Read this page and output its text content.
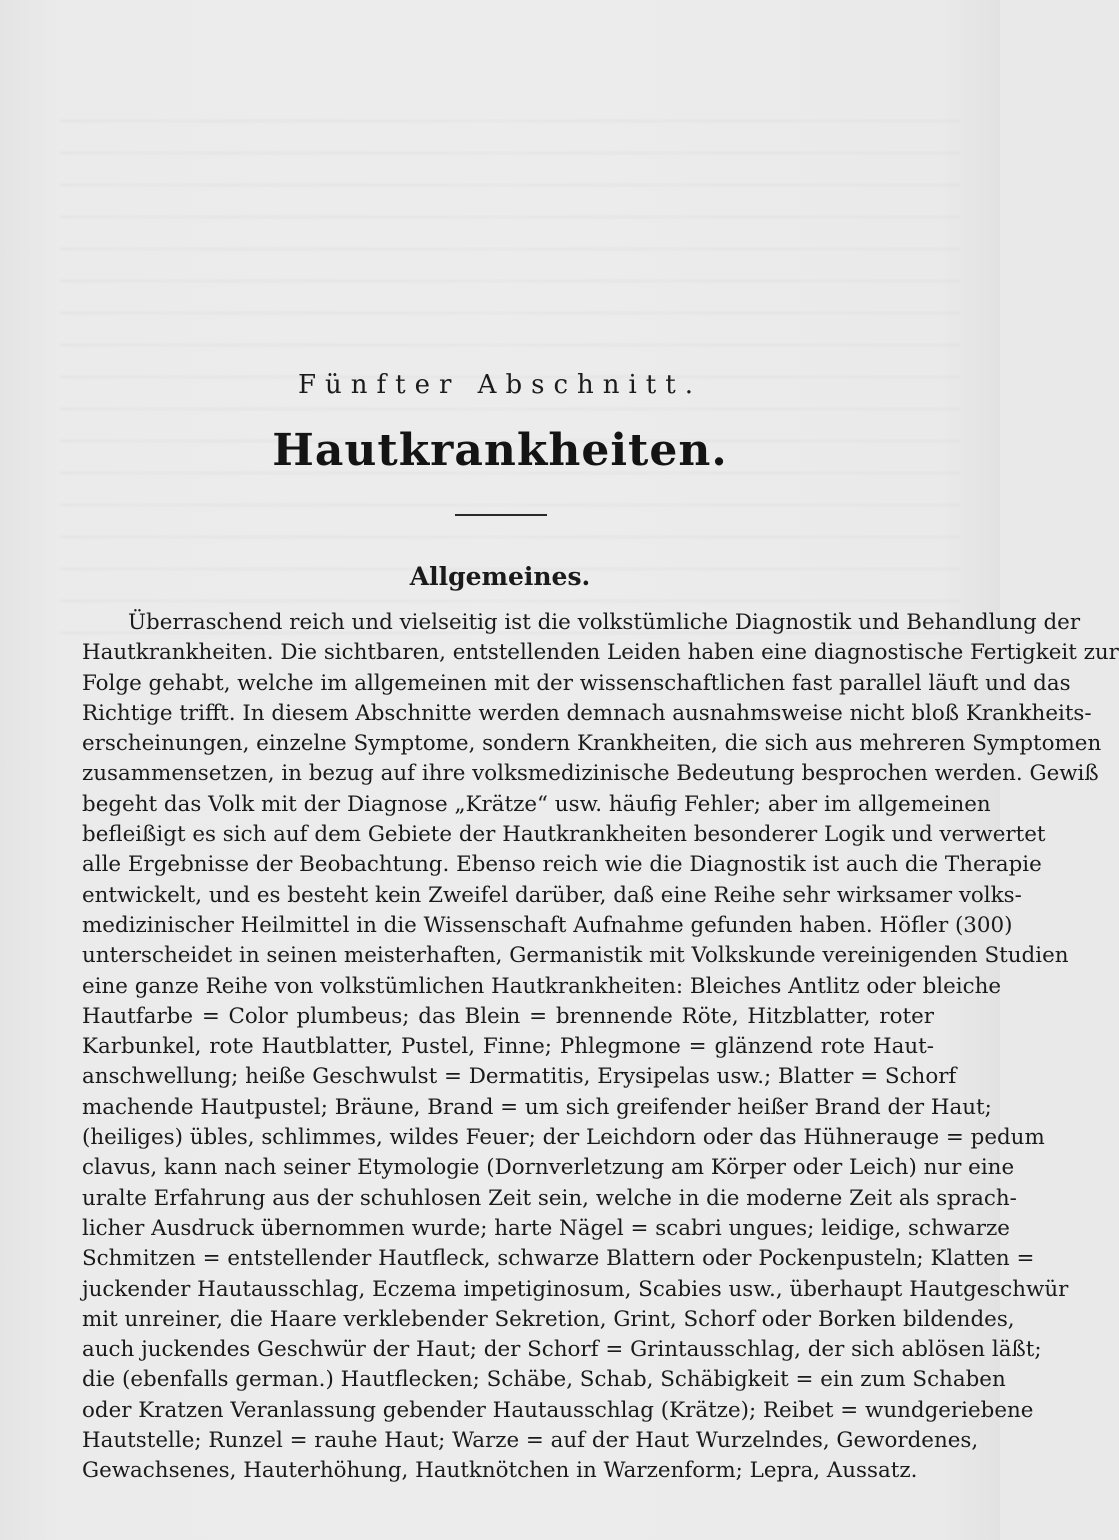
Fünfter Abschnitt.
Hautkrankheiten.
Allgemeines.
Überraschend reich und vielseitig ist die volkstümliche Diagnostik und Behandlung der
Hautkrankheiten. Die sichtbaren, entstellenden Leiden haben eine diagnostische Fertigkeit zur
Folge gehabt, welche im allgemeinen mit der wissenschaftlichen fast parallel läuft und das
Richtige trifft. In diesem Abschnitte werden demnach ausnahmsweise nicht bloß Krankheits-
erscheinungen, einzelne Symptome, sondern Krankheiten, die sich aus mehreren Symptomen
zusammensetzen, in bezug auf ihre volksmedizinische Bedeutung besprochen werden. Gewiß
begeht das Volk mit der Diagnose „Krätze“ usw. häufig Fehler; aber im allgemeinen
befleißigt es sich auf dem Gebiete der Hautkrankheiten besonderer Logik und verwertet
alle Ergebnisse der Beobachtung. Ebenso reich wie die Diagnostik ist auch die Therapie
entwickelt, und es besteht kein Zweifel darüber, daß eine Reihe sehr wirksamer volks-
medizinischer Heilmittel in die Wissenschaft Aufnahme gefunden haben. Höfler (300)
unterscheidet in seinen meisterhaften, Germanistik mit Volkskunde vereinigenden Studien
eine ganze Reihe von volkstümlichen Hautkrankheiten: Bleiches Antlitz oder bleiche
Hautfarbe = Color plumbeus; das Blein = brennende Röte, Hitzblatter, roter
Karbunkel, rote Hautblatter, Pustel, Finne; Phlegmone = glänzend rote Haut-
anschwellung; heiße Geschwulst = Dermatitis, Erysipelas usw.; Blatter = Schorf
machende Hautpustel; Bräune, Brand = um sich greifender heißer Brand der Haut;
(heiliges) übles, schlimmes, wildes Feuer; der Leichdorn oder das Hühnerauge = pedum
clavus, kann nach seiner Etymologie (Dornverletzung am Körper oder Leich) nur eine
uralte Erfahrung aus der schuhlosen Zeit sein, welche in die moderne Zeit als sprach-
licher Ausdruck übernommen wurde; harte Nägel = scabri ungues; leidige, schwarze
Schmitzen = entstellender Hautfleck, schwarze Blattern oder Pockenpusteln; Klatten =
juckender Hautausschlag, Eczema impetiginosum, Scabies usw., überhaupt Hautgeschwür
mit unreiner, die Haare verklebender Sekretion, Grint, Schorf oder Borken bildendes,
auch juckendes Geschwür der Haut; der Schorf = Grintausschlag, der sich ablösen läßt;
die (ebenfalls german.) Hautflecken; Schäbe, Schab, Schäbigkeit = ein zum Schaben
oder Kratzen Veranlassung gebender Hautausschlag (Krätze); Reibet = wundgeriebene
Hautstelle; Runzel = rauhe Haut; Warze = auf der Haut Wurzelndes, Gewordenes,
Gewachsenes, Hauterhöhung, Hautknötchen in Warzenform; Lepra, Aussatz.
